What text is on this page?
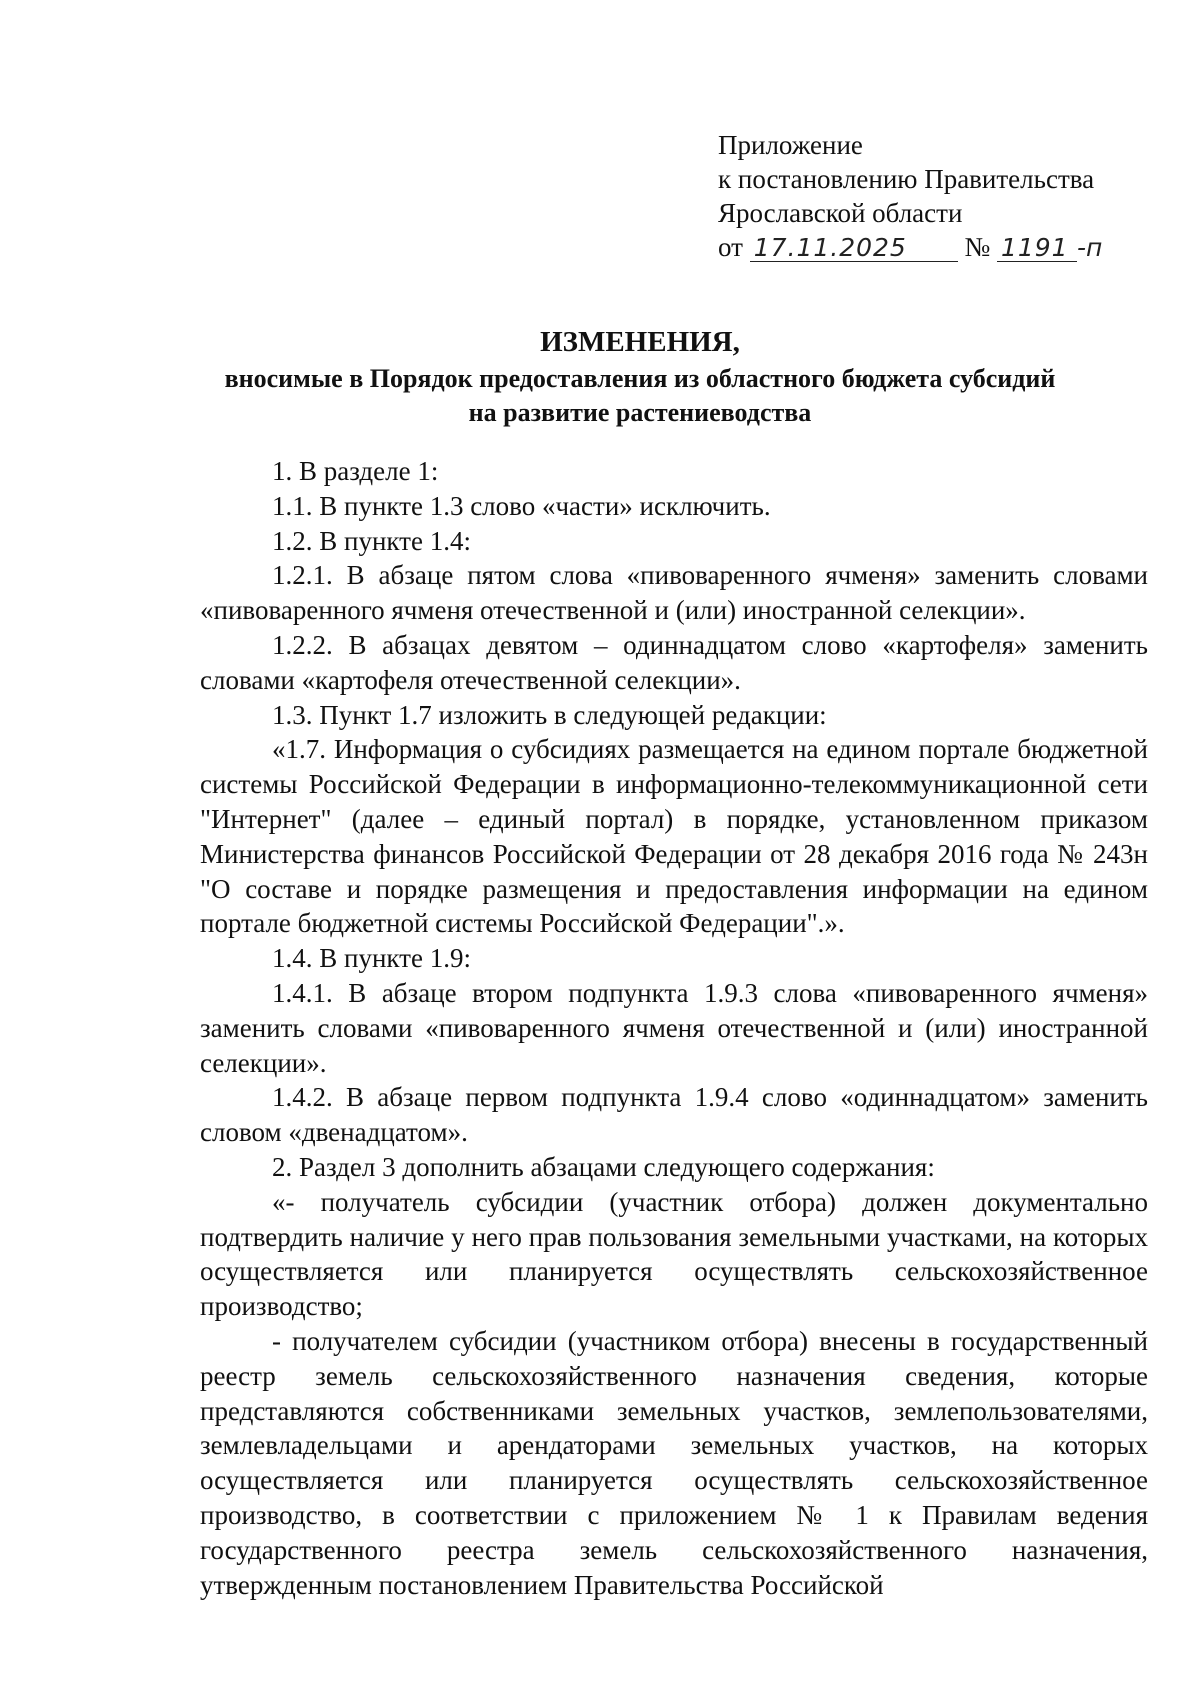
Приложение
к постановлению Правительства
Ярославской области
от 17.11.2025 № 1191 -п
ИЗМЕНЕНИЯ,
вносимые в Порядок предоставления из областного бюджета субсидий
на развитие растениеводства

1. В разделе 1:

1.1. В пункте 1.3 слово «части» исключить.

1.2. В пункте 1.4:

1.2.1. В абзаце пятом слова «пивоваренного ячменя» заменить словами «пивоваренного ячменя отечественной и (или) иностранной селекции».

1.2.2. В абзацах девятом – одиннадцатом слово «картофеля» заменить словами «картофеля отечественной селекции».

1.3. Пункт 1.7 изложить в следующей редакции:

«1.7. Информация о субсидиях размещается на едином портале бюджетной системы Российской Федерации в информационно-телекоммуникационной сети "Интернет" (далее – единый портал) в порядке, установленном приказом Министерства финансов Российской Федерации от 28 декабря 2016 года № 243н "О составе и порядке размещения и предоставления информации на едином портале бюджетной системы Российской Федерации".».

1.4. В пункте 1.9:

1.4.1. В абзаце втором подпункта 1.9.3 слова «пивоваренного ячменя» заменить словами «пивоваренного ячменя отечественной и (или) иностранной селекции».

1.4.2. В абзаце первом подпункта 1.9.4 слово «одиннадцатом» заменить словом «двенадцатом».

2. Раздел 3 дополнить абзацами следующего содержания:

«- получатель субсидии (участник отбора) должен документально подтвердить наличие у него прав пользования земельными участками, на которых осуществляется или планируется осуществлять сельскохозяйственное производство;

- получателем субсидии (участником отбора) внесены в государственный реестр земель сельскохозяйственного назначения сведения, которые представляются собственниками земельных участков, землепользователями, землевладельцами и арендаторами земельных участков, на которых осуществляется или планируется осуществлять сельскохозяйственное производство, в соответствии с приложением № 1 к Правилам ведения государственного реестра земель сельскохозяйственного назначения, утвержденным постановлением Правительства Российской
